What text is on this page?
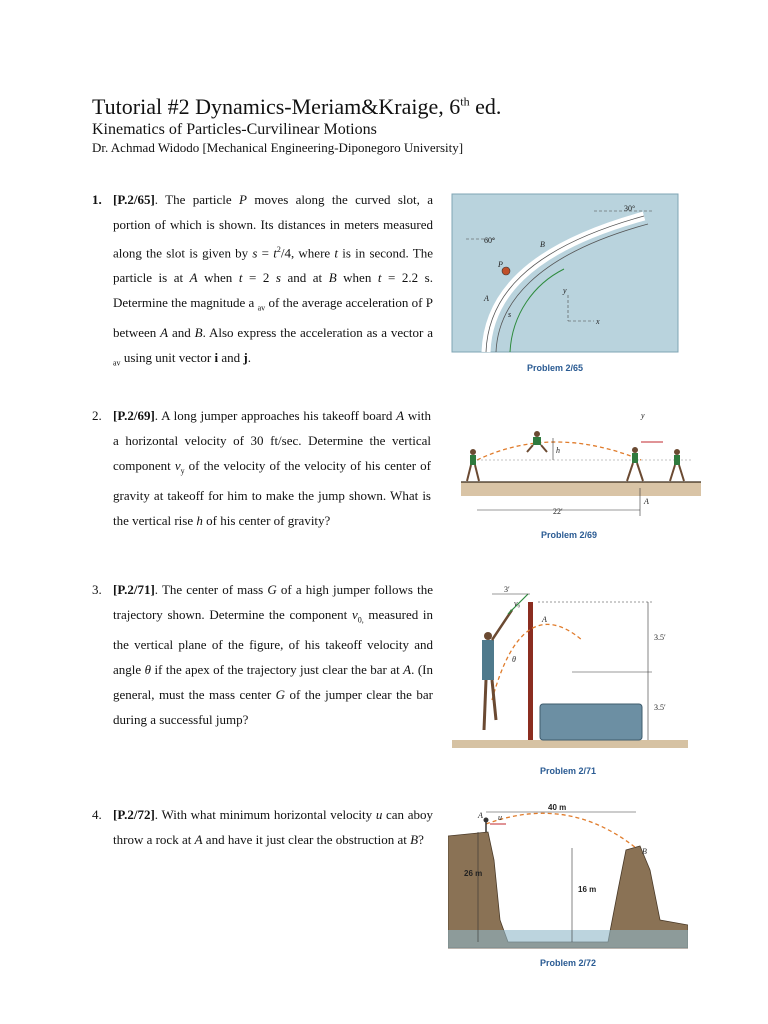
Tutorial #2 Dynamics-Meriam&Kraige, 6th ed.
Kinematics of Particles-Curvilinear Motions
Dr. Achmad Widodo [Mechanical Engineering-Diponegoro University]
1. [P.2/65]. The particle P moves along the curved slot, a portion of which is shown. Its distances in meters measured along the slot is given by $s = t^2/4$, where t is in second. The particle is at A when t = 2 s and at B when t = 2.2 s. Determine the magnitude a $_{av}$ of the average acceleration of P between A and B. Also express the acceleration as a vector a $_{av}$ using unit vector i and j.
2. [P.2/69]. A long jumper approaches his takeoff board A with a horizontal velocity of 30 ft/sec. Determine the vertical component $v_y$ of the velocity of the velocity of his center of gravity at takeoff for him to make the jump shown. What is the vertical rise h of his center of gravity?
3. [P.2/71]. The center of mass G of a high jumper follows the trajectory shown. Determine the component $v_{0,}$ measured in the vertical plane of the figure, of his takeoff velocity and angle θ if the apex of the trajectory just clear the bar at A. (In general, must the mass center G of the jumper clear the bar during a successful jump?
4. [P.2/72]. With what minimum horizontal velocity u can aboy throw a rock at A and have it just clear the obstruction at B?
30°
60°	B
P
A
s
y
x
Problem 2/65
y
h
A
22′
Problem 2/69
3′
v₀
A
θ
3.5′
3.5′
Problem 2/71
40 m
A u
B
26 m
16 m
Problem 2/72
